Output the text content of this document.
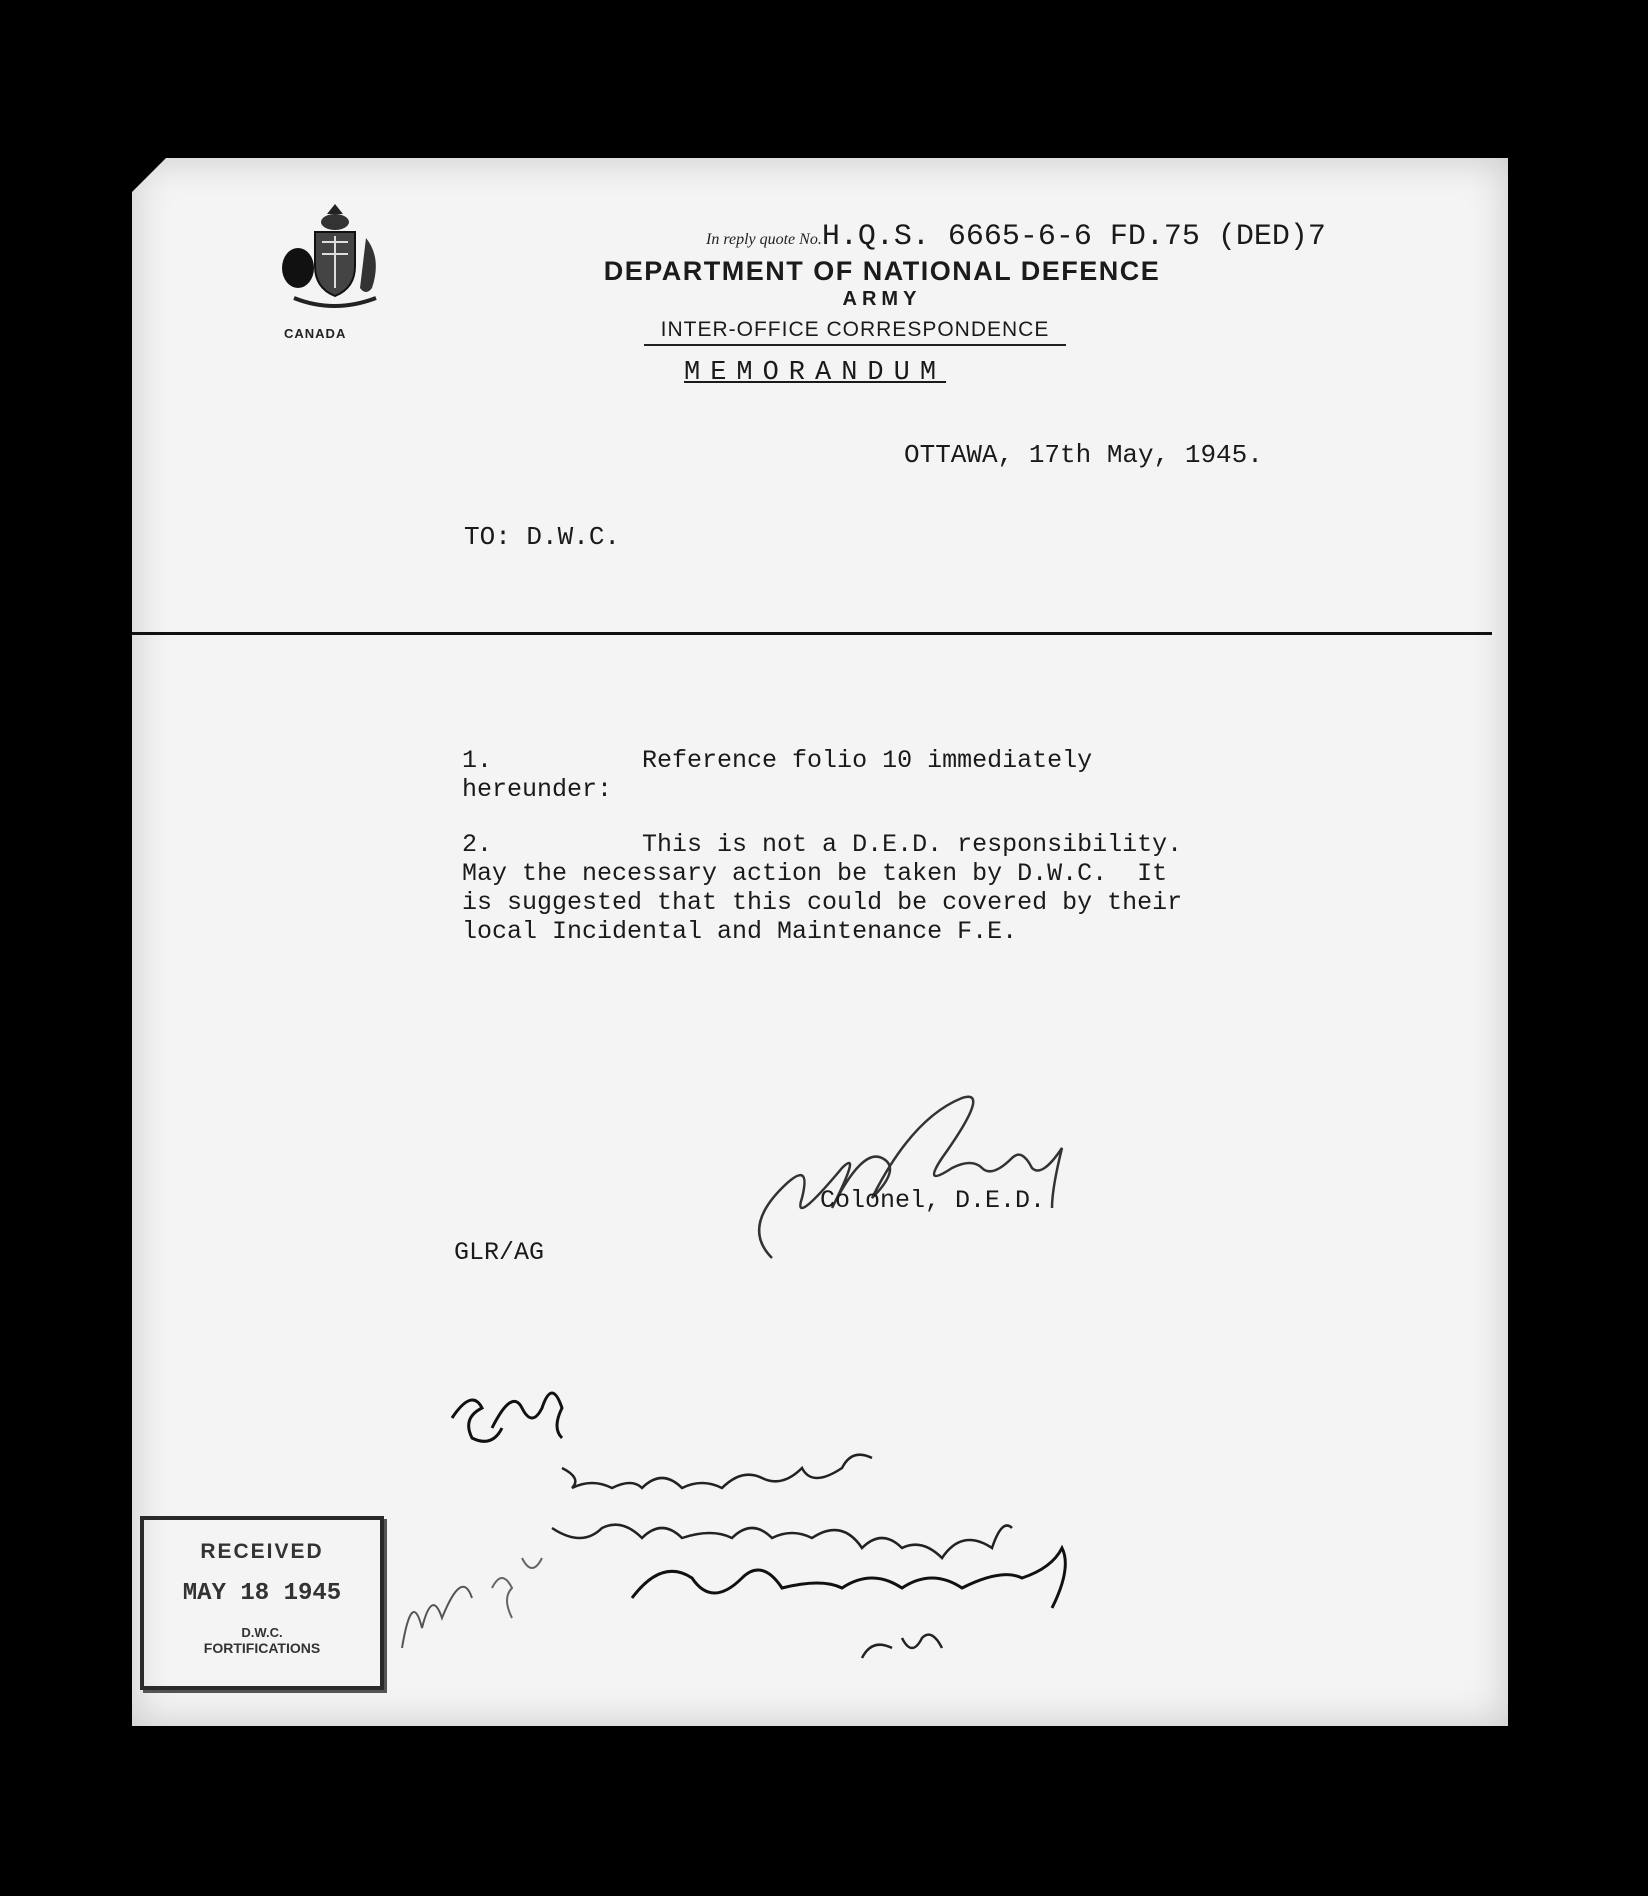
CANADA
In reply quote No.H.Q.S. 6665-6-6 FD.75 (DED)7
DEPARTMENT OF NATIONAL DEFENCE
ARMY
INTER-OFFICE CORRESPONDENCE
MEMORANDUM
OTTAWA, 17th May, 1945.
TO: D.W.C.
1.          Reference folio 10 immediately
hereunder:
2.          This is not a D.E.D. responsibility.
May the necessary action be taken by D.W.C.  It
is suggested that this could be covered by their
local Incidental and Maintenance F.E.
Colonel, D.E.D.
GLR/AG
RECEIVED
MAY 18 1945
D.W.C.
FORTIFICATIONS
